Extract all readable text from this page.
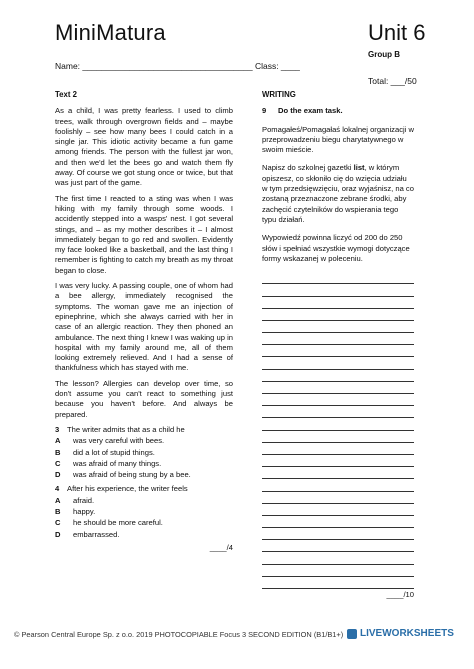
MiniMatura	Unit 6
Group B
Name: ____________________________________ Class: ____
Total: ___/50
Text 2

As a child, I was pretty fearless. I used to climb trees, walk through overgrown fields and – maybe foolishly – see how many bees I could catch in a single jar. This idiotic activity became a fun game among friends. The person with the fullest jar won, and then we'd let the bees go and watch them fly away. Of course we got stung once or twice, but that was just part of the game.

The first time I reacted to a sting was when I was hiking with my family through some woods. I accidently stepped into a wasps' nest. I got several stings, and – as my mother describes it – I almost immediately began to go red and swollen. Evidently my face looked like a basketball, and the last thing I remember is fighting to catch my breath as my throat began to close.

I was very lucky. A passing couple, one of whom had a bee allergy, immediately recognised the symptoms. The woman gave me an injection of epinephrine, which she always carried with her in case of an allergic reaction. They then phoned an ambulance. The next thing I knew I was waking up in hospital with my family around me, all of them looking extremely relieved. And I had a sense of thankfulness which has stayed with me.

The lesson? Allergies can develop over time, so don't assume you can't react to something just because you haven't before. And always be prepared.

3	The writer admits that as a child he
A	was very careful with bees.
B	did a lot of stupid things.
C	was afraid of many things.
D	was afraid of being stung by a bee.
4	After his experience, the writer feels
A	afraid.
B	happy.
C	he should be more careful.
D	embarrassed.
____/4
WRITING
9	Do the exam task.

Pomagałeś/Pomagałaś lokalnej organizacji w przeprowadzeniu biegu charytatywnego w swoim mieście.

Napisz do szkolnej gazetki list, w którym opiszesz, co skłoniło cię do wzięcia udziału w tym przedsięwzięciu, oraz wyjaśnisz, na co zostaną przeznaczone zebrane środki, aby zachęcić czytelników do wspierania tego typu działań.

Wypowiedź powinna liczyć od 200 do 250 słów i spełniać wszystkie wymogi dotyczące formy wskazanej w poleceniu.

____/10
© Pearson Central Europe Sp. z o.o. 2019 PHOTOCOPIABLE Focus 3 SECOND EDITION (B1/B1+) LIVEWORKSHEETS
